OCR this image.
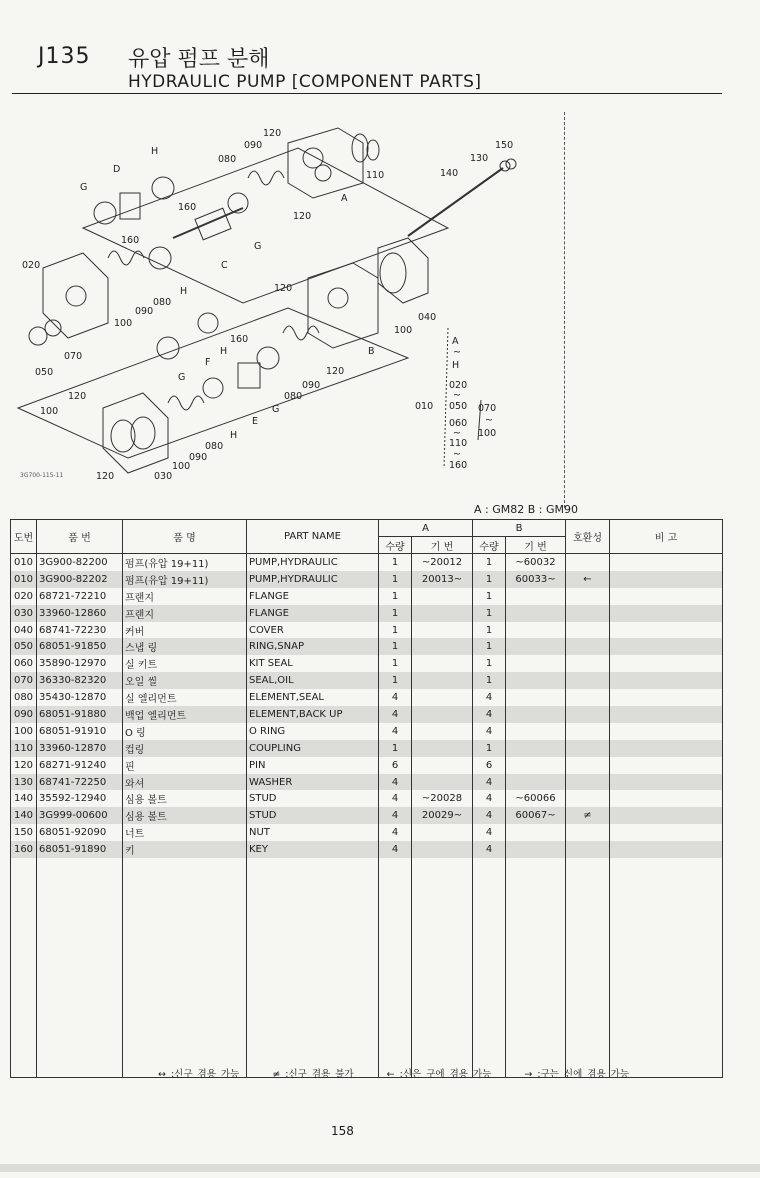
J135 유압 펌프 분해
HYDRAULIC PUMP [COMPONENT PARTS]
120
090
080
H
D
G
160
110
A
150
130
140
120
G
160
C
020
H
080
090
100
120
100
040
070
050
160
H
F
G
B
120
090
080
E
G
120
100
H
080
090
100
030
120
A
~
H
020
~
050
060
~
110
~
160
010	070
~
100
3G700-115-11
A : GM82 B : GM90
도번	품 번	품 명	PART NAME	A		B		호환성	비 고
				수량	기 번	수량	기 번		
010	3G900-82200	펌프(유압 19+11)	PUMP,HYDRAULIC	1	~20012	1	~60032		
010	3G900-82202	펌프(유압 19+11)	PUMP,HYDRAULIC	1	20013~	1	60033~	←	
020	68721-72210	프랜지	FLANGE	1		1			
030	33960-12860	프랜지	FLANGE	1		1			
040	68741-72230	커버	COVER	1		1			
050	68051-91850	스냅 링	RING,SNAP	1		1			
060	35890-12970	실 키트	KIT SEAL	1		1			
070	36330-82320	오일 씰	SEAL,OIL	1		1			
080	35430-12870	실 엘리먼트	ELEMENT,SEAL	4		4			
090	68051-91880	백업 엘리먼트	ELEMENT,BACK UP	4		4			
100	68051-91910	O 링	O RING	4		4			
110	33960-12870	컵링	COUPLING	1		1			
120	68271-91240	핀	PIN	6		6			
130	68741-72250	와셔	WASHER	4		4			
140	35592-12940	심용 볼트	STUD	4	~20028	4	~60066		
140	3G999-00600	심용 볼트	STUD	4	20029~	4	60067~	≠	
150	68051-92090	너트	NUT	4		4			
160	68051-91890	키	KEY	4		4			

↔ :신구 겸용 가능	≠ :신구 겸용 불가	← :신은 구에 겸용 가능	→ :구는 신에 겸용 가능
158
